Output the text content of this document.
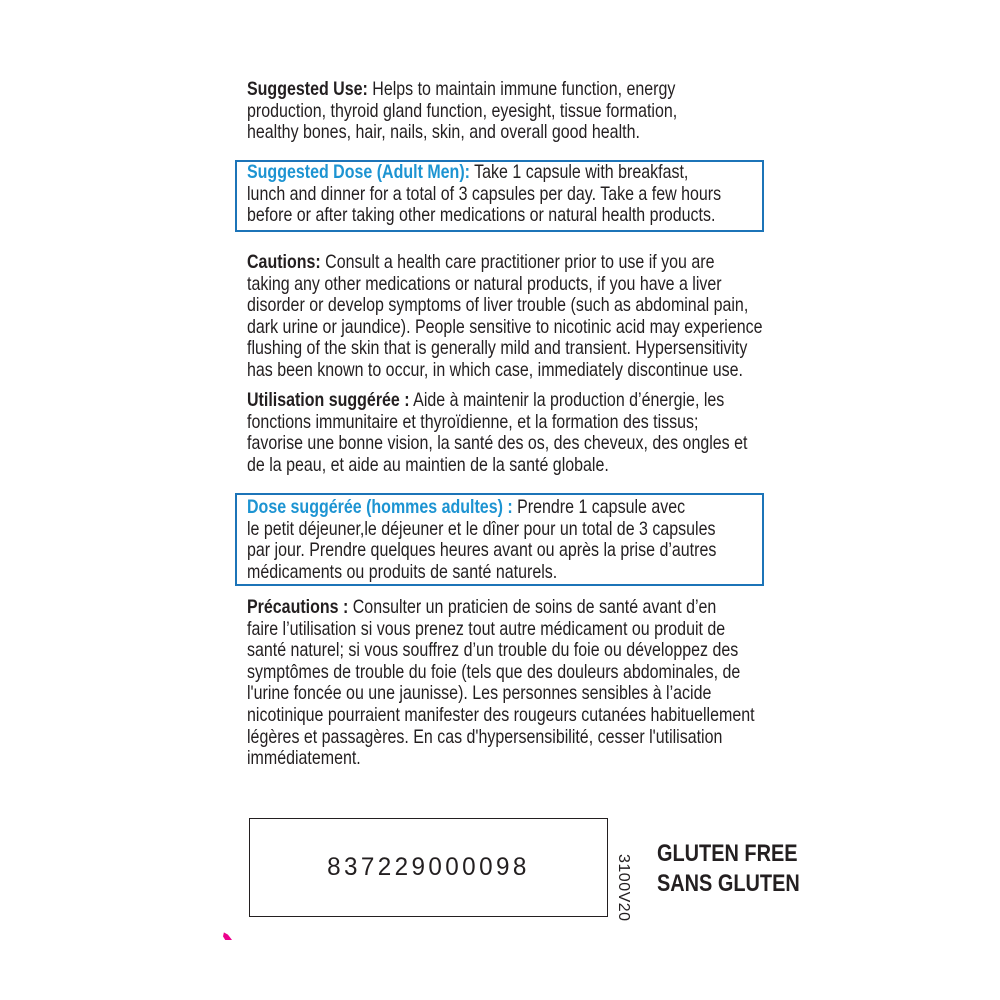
Suggested Use: Helps to maintain immune function, energy
production, thyroid gland function, eyesight, tissue formation,
healthy bones, hair, nails, skin, and overall good health.
Suggested Dose (Adult Men): Take 1 capsule with breakfast,
lunch and dinner for a total of 3 capsules per day. Take a few hours
before or after taking other medications or natural health products.
Cautions: Consult a health care practitioner prior to use if you are
taking any other medications or natural products, if you have a liver
disorder or develop symptoms of liver trouble (such as abdominal pain,
dark urine or jaundice). People sensitive to nicotinic acid may experience
flushing of the skin that is generally mild and transient. Hypersensitivity
has been known to occur, in which case, immediately discontinue use.
Utilisation suggérée : Aide à maintenir la production d’énergie, les
fonctions immunitaire et thyroïdienne, et la formation des tissus;
favorise une bonne vision, la santé des os, des cheveux, des ongles et
de la peau, et aide au maintien de la santé globale.
Dose suggérée (hommes adultes) : Prendre 1 capsule avec
le petit déjeuner,le déjeuner et le dîner pour un total de 3 capsules
par jour. Prendre quelques heures avant ou après la prise d’autres
médicaments ou produits de santé naturels.
Précautions : Consulter un praticien de soins de santé avant d’en
faire l’utilisation si vous prenez tout autre médicament ou produit de
santé naturel; si vous souffrez d’un trouble du foie ou développez des
symptômes de trouble du foie (tels que des douleurs abdominales, de
l'urine foncée ou une jaunisse). Les personnes sensibles à l’acide
nicotinique pourraient manifester des rougeurs cutanées habituellement
légères et passagères. En cas d'hypersensibilité, cesser l'utilisation
immédiatement.
837229000098	3100V20
GLUTEN FREE
SANS GLUTEN
